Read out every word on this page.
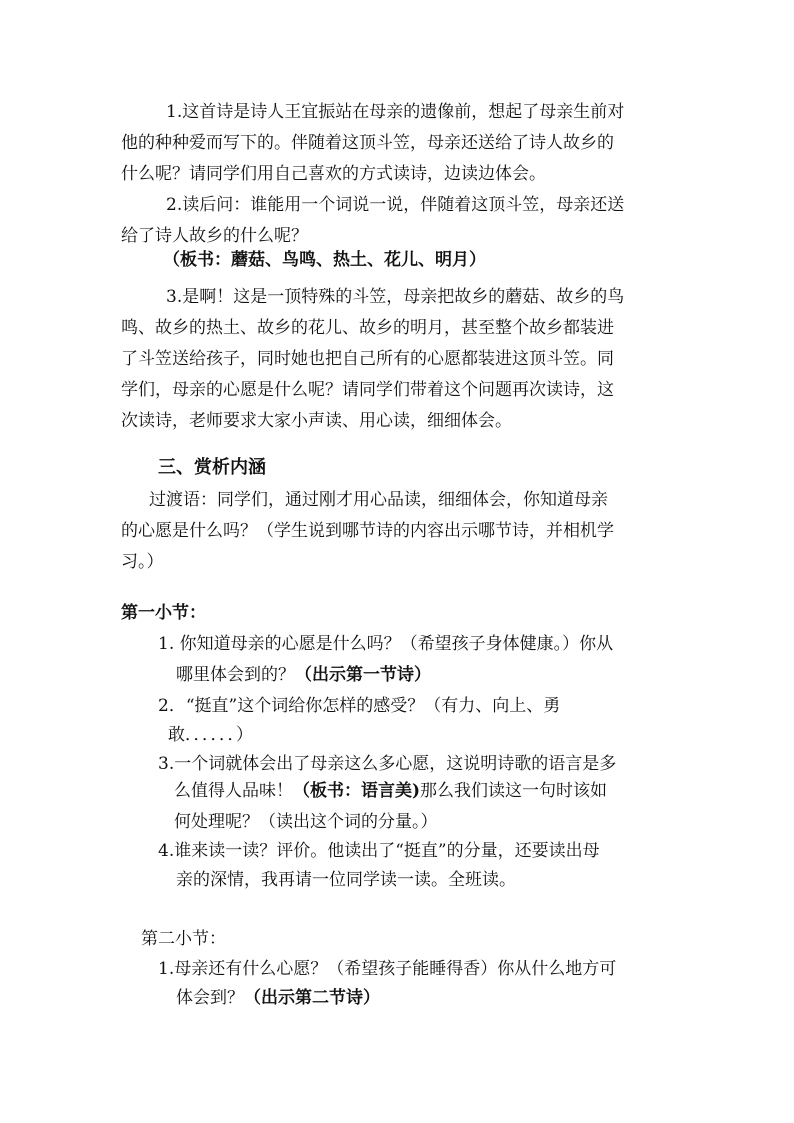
1.这首诗是诗人王宜振站在母亲的遗像前，想起了母亲生前对
他的种种爱而写下的。伴随着这顶斗笠，母亲还送给了诗人故乡的
什么呢？请同学们用自己喜欢的方式读诗，边读边体会。
2.读后问：谁能用一个词说一说，伴随着这顶斗笠，母亲还送
给了诗人故乡的什么呢？
（板书：蘑菇、鸟鸣、热土、花儿、明月）
3.是啊！这是一顶特殊的斗笠，母亲把故乡的蘑菇、故乡的鸟
鸣、故乡的热土、故乡的花儿、故乡的明月，甚至整个故乡都装进
了斗笠送给孩子，同时她也把自己所有的心愿都装进这顶斗笠。同
学们，母亲的心愿是什么呢？请同学们带着这个问题再次读诗，这
次读诗，老师要求大家小声读、用心读，细细体会。
三、赏析内涵
过渡语：同学们，通过刚才用心品读，细细体会，你知道母亲
的心愿是什么吗？（学生说到哪节诗的内容出示哪节诗，并相机学
习。）
第一小节：
1. 你知道母亲的心愿是什么吗？（希望孩子身体健康。）你从
哪里体会到的？（出示第一节诗）
2．“挺直”这个词给你怎样的感受？（有力、向上、勇
敢．．．．．．）
3.一个词就体会出了母亲这么多心愿，这说明诗歌的语言是多
么值得人品味！（板书：语言美)那么我们读这一句时该如
何处理呢？（读出这个词的分量。）
4.谁来读一读？评价。他读出了“挺直”的分量，还要读出母
亲的深情，我再请一位同学读一读。全班读。
第二小节：
1.母亲还有什么心愿？（希望孩子能睡得香）你从什么地方可
体会到？（出示第二节诗）
